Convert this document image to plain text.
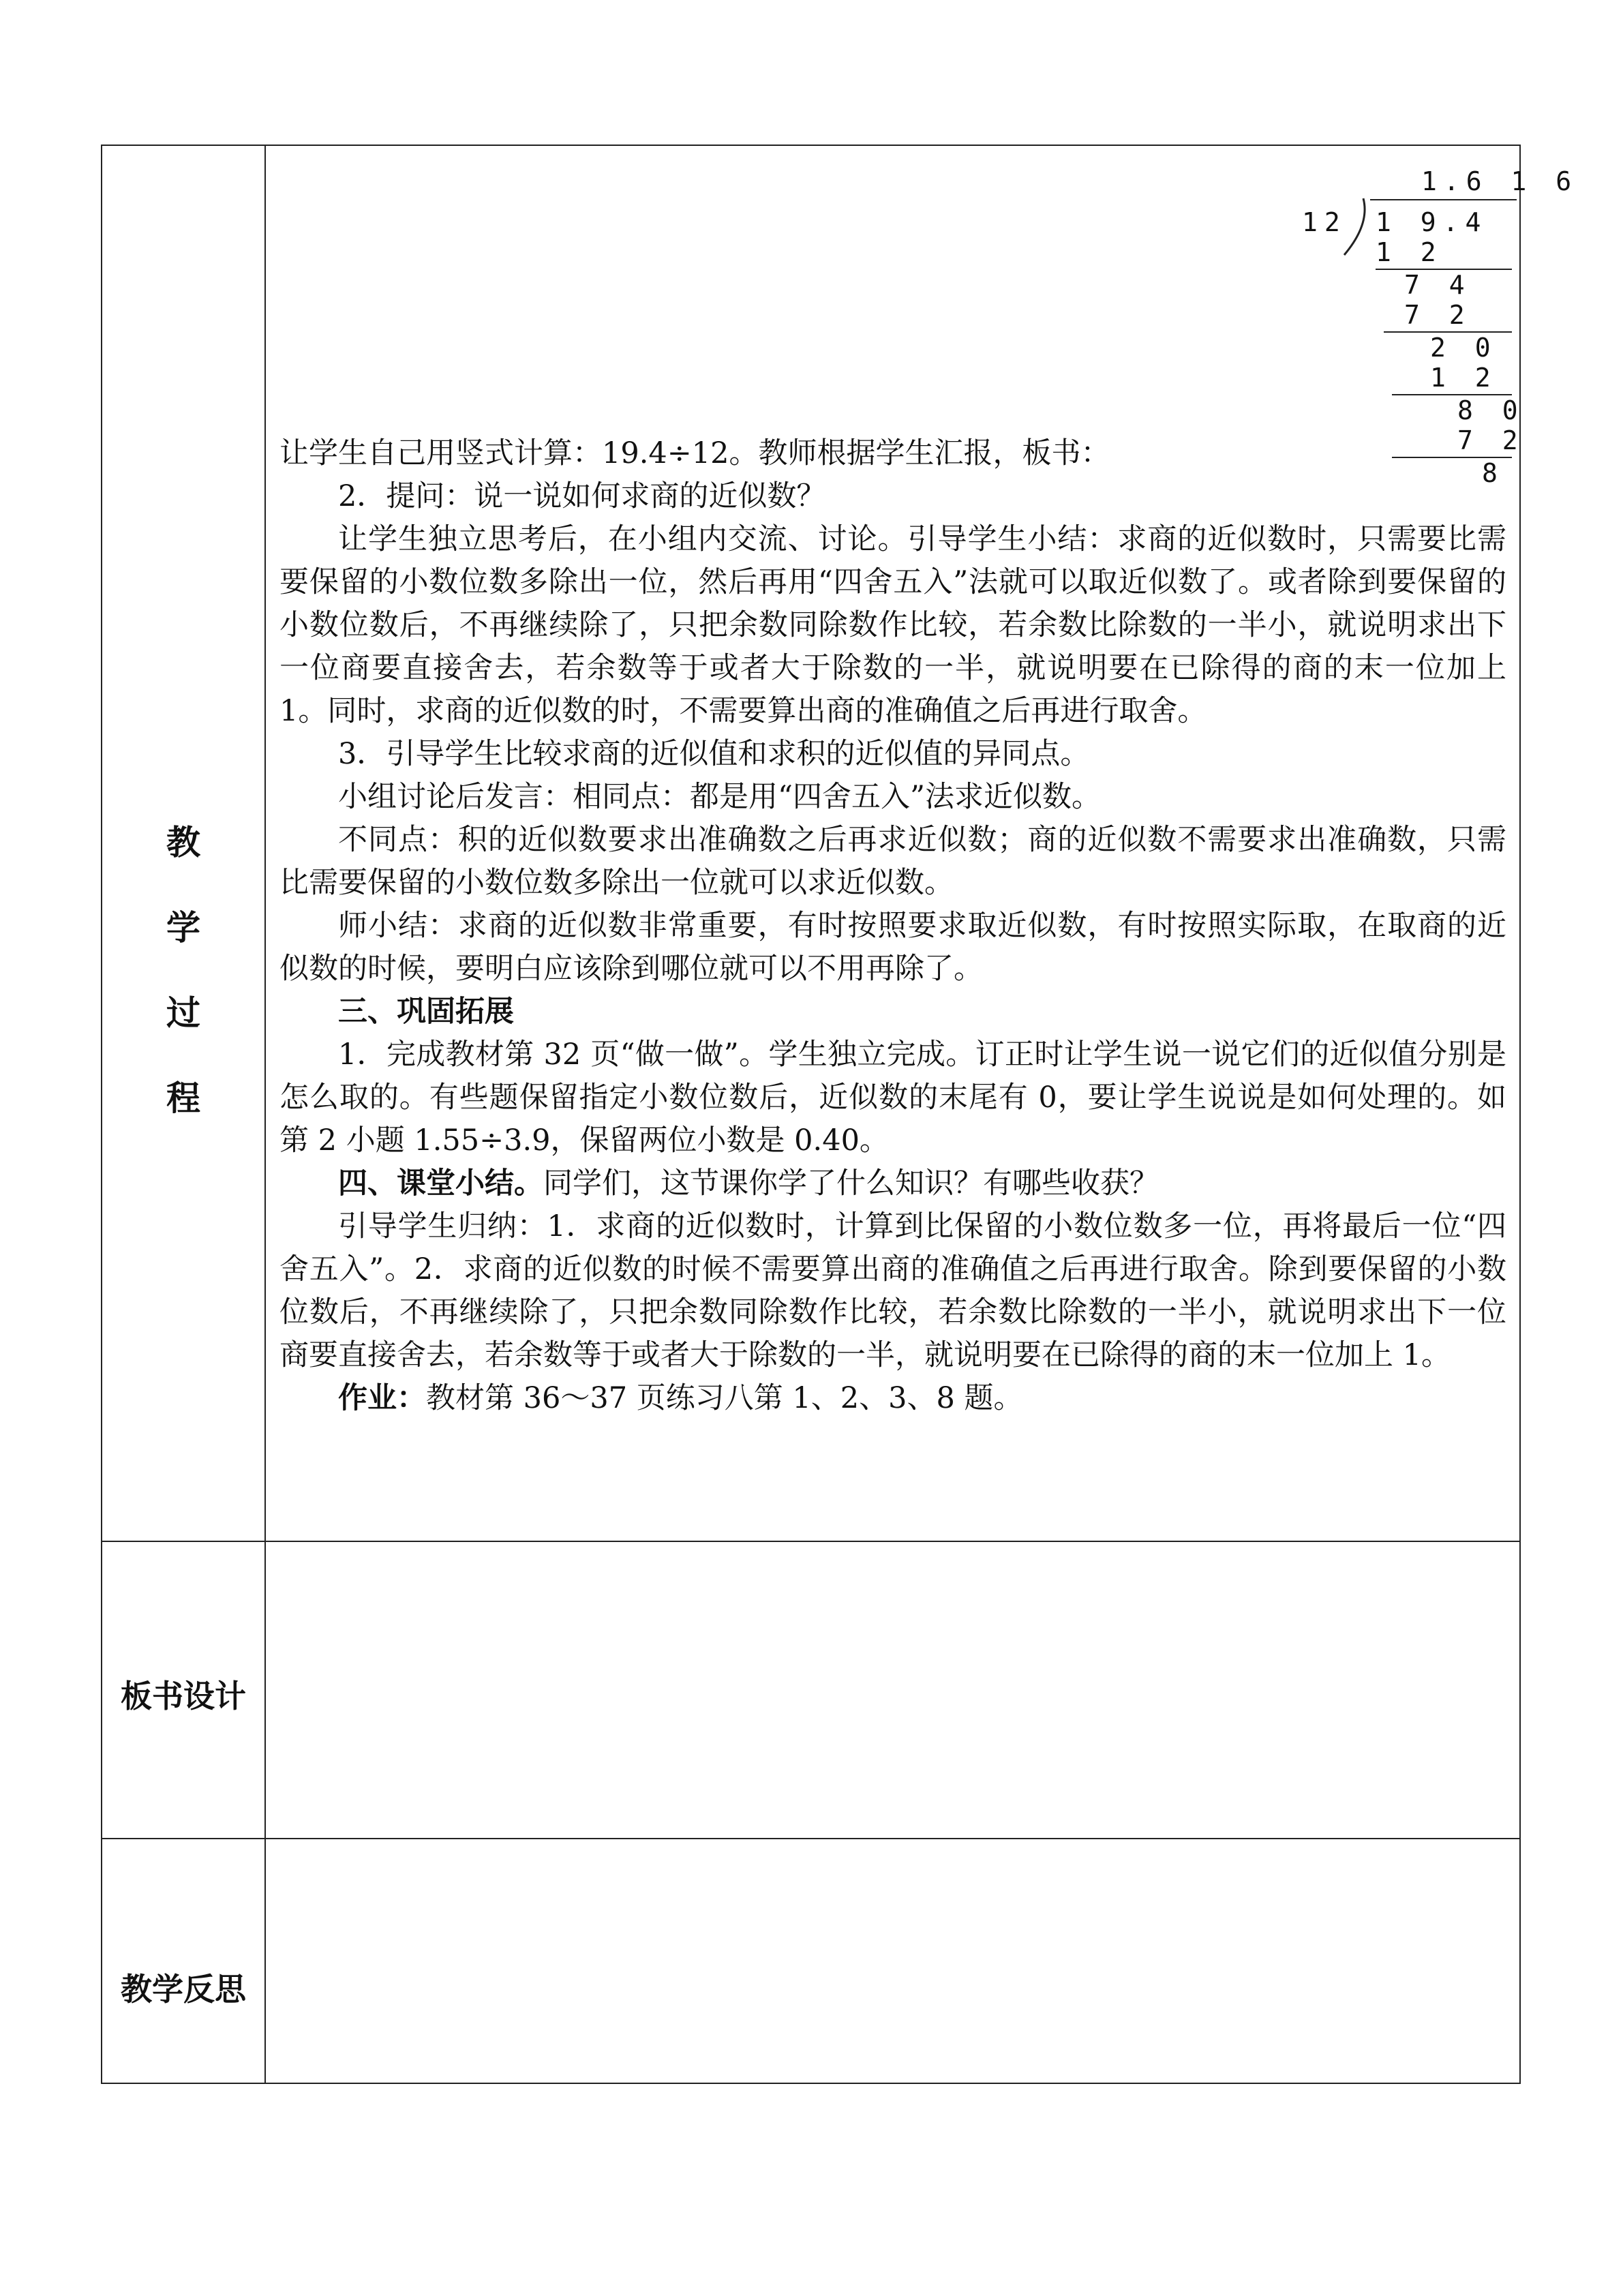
教
学
过
程
板书设计
教学反思
1.6 1 6
12 1 9.4
1 2
7 4
7 2
2 0
1 2
8 0
7 2
8

让学生自己用竖式计算：19.4÷12。教师根据学生汇报，板书：

2．提问：说一说如何求商的近似数？

让学生独立思考后，在小组内交流、讨论。引导学生小结：求商的近似数时，只需要比需要保留的小数位数多除出一位，然后再用“四舍五入”法就可以取近似数了。或者除到要保留的小数位数后，不再继续除了，只把余数同除数作比较，若余数比除数的一半小，就说明求出下一位商要直接舍去，若余数等于或者大于除数的一半，就说明要在已除得的商的末一位加上 1。同时，求商的近似数的时，不需要算出商的准确值之后再进行取舍。

3．引导学生比较求商的近似值和求积的近似值的异同点。

小组讨论后发言：相同点：都是用“四舍五入”法求近似数。

不同点：积的近似数要求出准确数之后再求近似数；商的近似数不需要求出准确数，只需比需要保留的小数位数多除出一位就可以求近似数。

师小结：求商的近似数非常重要，有时按照要求取近似数，有时按照实际取，在取商的近似数的时候，要明白应该除到哪位就可以不用再除了。

三、巩固拓展

1．完成教材第 32 页“做一做”。学生独立完成。订正时让学生说一说它们的近似值分别是怎么取的。有些题保留指定小数位数后，近似数的末尾有 0，要让学生说说是如何处理的。如第 2 小题 1.55÷3.9，保留两位小数是 0.40。

四、课堂小结。同学们，这节课你学了什么知识？有哪些收获？

引导学生归纳：1．求商的近似数时，计算到比保留的小数位数多一位，再将最后一位“四舍五入”。2．求商的近似数的时候不需要算出商的准确值之后再进行取舍。除到要保留的小数位数后，不再继续除了，只把余数同除数作比较，若余数比除数的一半小，就说明求出下一位商要直接舍去，若余数等于或者大于除数的一半，就说明要在已除得的商的末一位加上 1。

作业：教材第 36～37 页练习八第 1、2、3、8 题。
